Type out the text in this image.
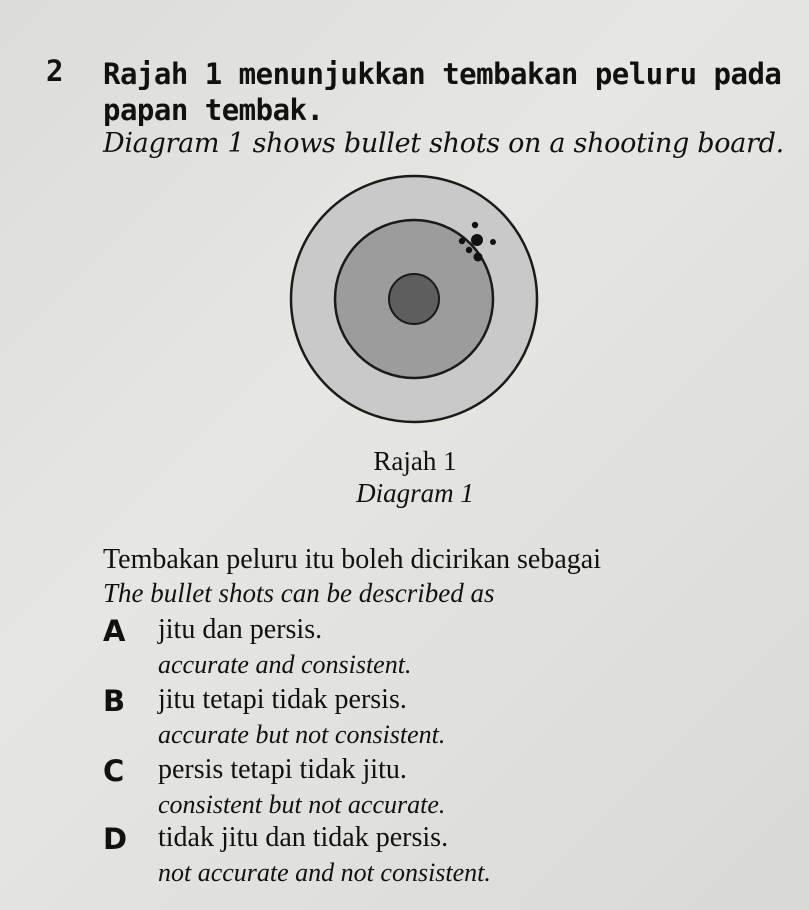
2 Rajah 1 menunjukkan tembakan peluru pada papan tembak.
Diagram 1 shows bullet shots on a shooting board.
Rajah 1
Diagram 1
Tembakan peluru itu boleh dicirikan sebagai
The bullet shots can be described as
A jitu dan persis.
accurate and consistent.
B jitu tetapi tidak persis.
accurate but not consistent.
C persis tetapi tidak jitu.
consistent but not accurate.
D tidak jitu dan tidak persis.
not accurate and not consistent.
